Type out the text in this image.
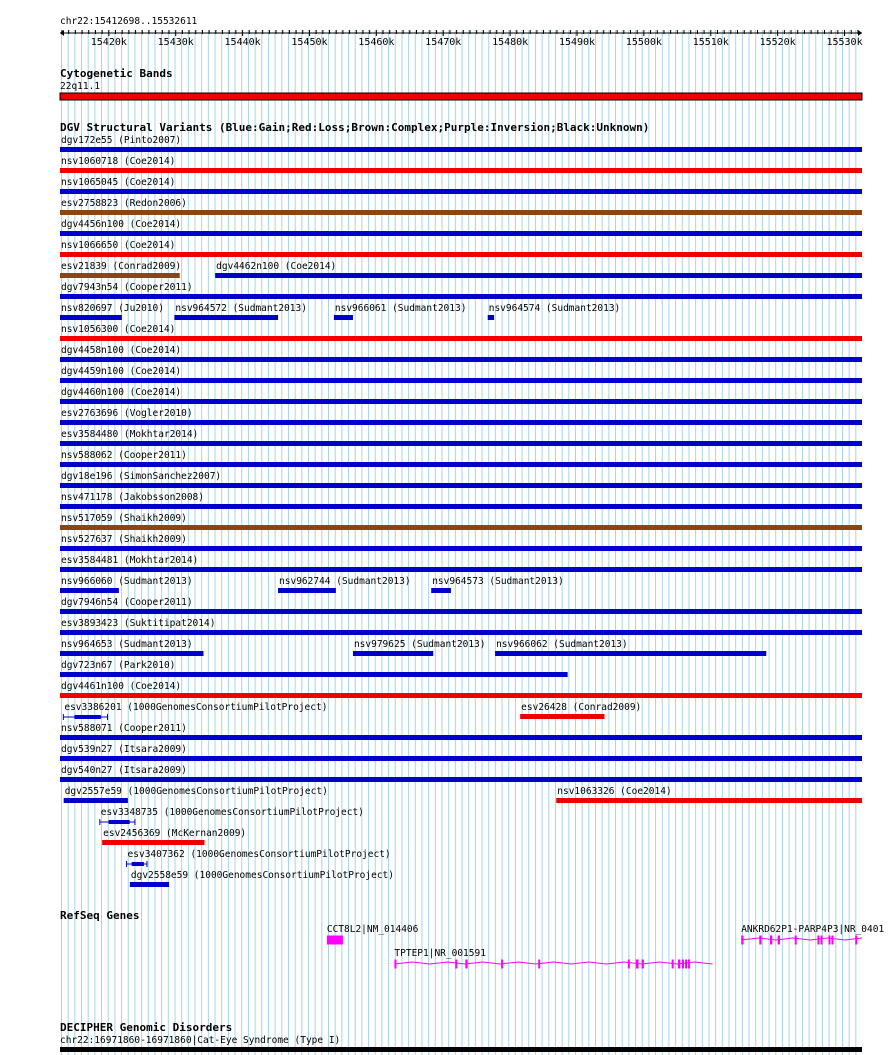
chr22:15412698..15532611
15420k	15430k	15440k	15450k	15460k	15470k	15480k	15490k	15500k	15510k	15520k	15530k
Cytogenetic Bands
22q11.1
DGV Structural Variants (Blue:Gain;Red:Loss;Brown:Complex;Purple:Inversion;Black:Unknown)
dgv172e55 (Pinto2007)
nsv1060718 (Coe2014)
nsv1065045 (Coe2014)
esv2758823 (Redon2006)
dgv4456n100 (Coe2014)
nsv1066650 (Coe2014)
esv21839 (Conrad2009)	dgv4462n100 (Coe2014)
dgv7943n54 (Cooper2011)
nsv820697 (Ju2010) nsv964572 (Sudmant2013)	nsv966061 (Sudmant2013) nsv964574 (Sudmant2013)
nsv1056300 (Coe2014)
dgv4458n100 (Coe2014)
dgv4459n100 (Coe2014)
dgv4460n100 (Coe2014)
esv2763696 (Vogler2010)
esv3584480 (Mokhtar2014)
nsv588062 (Cooper2011)
dgv18e196 (SimonSanchez2007)
nsv471178 (Jakobsson2008)
nsv517059 (Shaikh2009)
nsv527637 (Shaikh2009)
esv3584481 (Mokhtar2014)
nsv966060 (Sudmant2013)	nsv962744 (Sudmant2013) nsv964573 (Sudmant2013)
dgv7946n54 (Cooper2011)
esv3893423 (Suktitipat2014)
nsv964653 (Sudmant2013)	nsv979625 (Sudmant2013) nsv966062 (Sudmant2013)
dgv723n67 (Park2010)
dgv4461n100 (Coe2014)
esv3386201 (1000GenomesConsortiumPilotProject)	esv26428 (Conrad2009)
nsv588071 (Cooper2011)
dgv539n27 (Itsara2009)
dgv540n27 (Itsara2009)
dgv2557e59 (1000GenomesConsortiumPilotProject)	nsv1063326 (Coe2014)
esv3348735 (1000GenomesConsortiumPilotProject)
esv2456369 (McKernan2009)
esv3407362 (1000GenomesConsortiumPilotProject)
dgv2558e59 (1000GenomesConsortiumPilotProject)
RefSeq Genes
CCT8L2|NM_014406
TPTEP1|NR_001591
ANKRD62P1-PARP4P3|NR_0401
DECIPHER Genomic Disorders
chr22:16971860-16971860|Cat-Eye Syndrome (Type I)
